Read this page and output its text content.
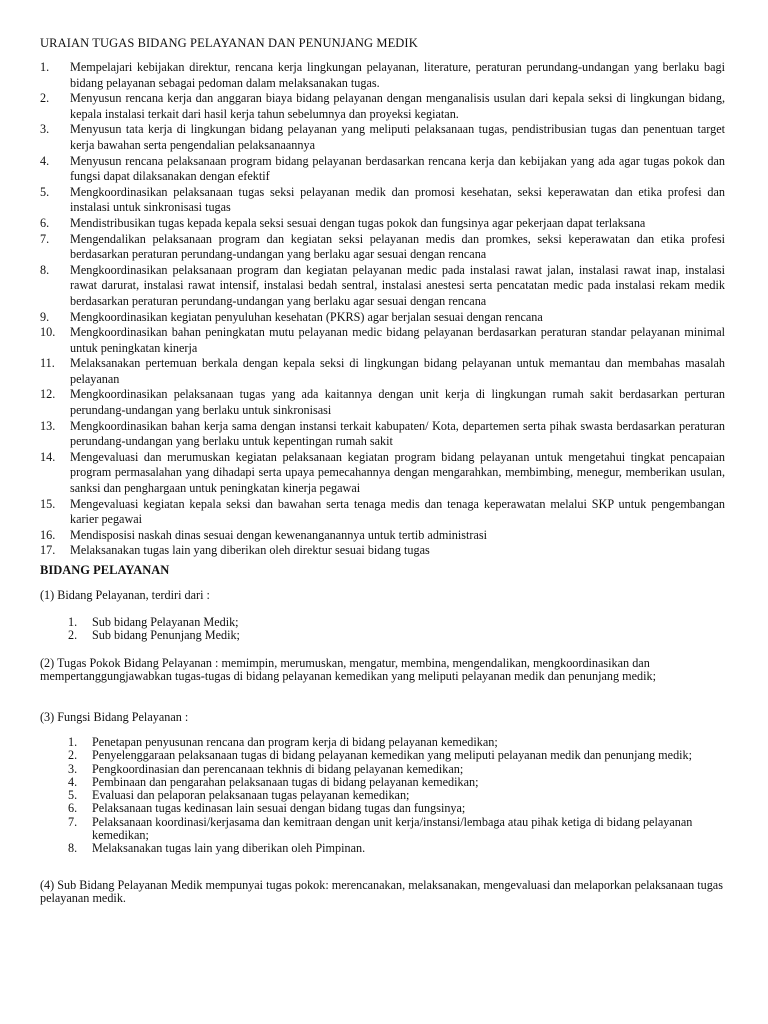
URAIAN TUGAS BIDANG PELAYANAN DAN PENUNJANG MEDIK
1.	Mempelajari kebijakan direktur, rencana kerja lingkungan pelayanan, literature, peraturan perundang-undangan yang berlaku bagi bidang pelayanan sebagai pedoman dalam melaksanakan tugas.
2.	Menyusun rencana kerja dan anggaran biaya bidang pelayanan dengan menganalisis usulan dari kepala seksi di lingkungan bidang, kepala instalasi terkait dari hasil kerja tahun sebelumnya dan proyeksi kegiatan.
3.	Menyusun tata kerja di lingkungan bidang pelayanan yang meliputi pelaksanaan tugas, pendistribusian tugas dan penentuan target kerja bawahan serta pengendalian pelaksanaannya
4.	Menyusun rencana pelaksanaan program bidang pelayanan berdasarkan rencana kerja dan kebijakan yang ada agar tugas pokok dan fungsi dapat dilaksanakan dengan efektif
5.	Mengkoordinasikan pelaksanaan tugas seksi pelayanan medik dan promosi kesehatan, seksi keperawatan dan etika profesi dan instalasi untuk sinkronisasi tugas
6.	Mendistribusikan tugas kepada kepala seksi sesuai dengan tugas pokok dan fungsinya agar pekerjaan dapat terlaksana
7.	Mengendalikan pelaksanaan program dan kegiatan seksi pelayanan medis dan promkes, seksi keperawatan dan etika profesi berdasarkan peraturan perundang-undangan yang berlaku agar sesuai dengan rencana
8.	Mengkoordinasikan pelaksanaan program dan kegiatan pelayanan medic pada instalasi rawat jalan, instalasi rawat inap, instalasi rawat darurat, instalasi rawat intensif, instalasi bedah sentral, instalasi anestesi serta pencatatan medic pada instalasi rekam medik berdasarkan peraturan perundang-undangan yang berlaku agar sesuai dengan rencana
9.	Mengkoordinasikan kegiatan penyuluhan kesehatan (PKRS) agar berjalan sesuai dengan rencana
10.	Mengkoordinasikan bahan peningkatan mutu pelayanan medic bidang pelayanan berdasarkan peraturan standar pelayanan minimal untuk peningkatan kinerja
11.	Melaksanakan pertemuan berkala dengan kepala seksi di lingkungan bidang pelayanan untuk memantau dan membahas masalah pelayanan
12.	Mengkoordinasikan pelaksanaan tugas yang ada kaitannya dengan unit kerja di lingkungan rumah sakit berdasarkan perturan perundang-undangan yang berlaku untuk sinkronisasi
13.	Mengkoordinasikan bahan kerja sama dengan instansi terkait kabupaten/ Kota, departemen serta pihak swasta berdasarkan peraturan perundang-undangan yang berlaku untuk kepentingan rumah sakit
14.	Mengevaluasi dan merumuskan kegiatan pelaksanaan kegiatan program bidang pelayanan untuk mengetahui tingkat pencapaian program permasalahan yang dihadapi serta upaya pemecahannya dengan mengarahkan, membimbing, menegur, memberikan usulan, sanksi dan penghargaan untuk peningkatan kinerja pegawai
15.	Mengevaluasi kegiatan kepala seksi dan bawahan serta tenaga medis dan tenaga keperawatan melalui SKP untuk pengembangan karier pegawai
16.	Mendisposisi naskah dinas sesuai dengan kewenanganannya untuk tertib administrasi
17.	Melaksanakan tugas lain yang diberikan oleh direktur sesuai bidang tugas
BIDANG PELAYANAN
(1) Bidang Pelayanan, terdiri dari :
1. Sub bidang Pelayanan Medik;
2. Sub bidang Penunjang Medik;
(2) Tugas Pokok Bidang Pelayanan : memimpin, merumuskan, mengatur, membina, mengendalikan, mengkoordinasikan dan mempertanggungjawabkan tugas-tugas di bidang pelayanan kemedikan yang meliputi pelayanan medik dan penunjang medik;
(3) Fungsi Bidang Pelayanan :
1. Penetapan penyusunan rencana dan program kerja di bidang pelayanan kemedikan;
2. Penyelenggaraan pelaksanaan tugas di bidang pelayanan kemedikan yang meliputi pelayanan medik dan penunjang medik;
3. Pengkoordinasian dan perencanaan tekhnis di bidang pelayanan kemedikan;
4. Pembinaan dan pengarahan pelaksanaan tugas di bidang pelayanan kemedikan;
5. Evaluasi dan pelaporan pelaksanaan tugas pelayanan kemedikan;
6. Pelaksanaan tugas kedinasan lain sesuai dengan bidang tugas dan fungsinya;
7. Pelaksanaan koordinasi/kerjasama dan kemitraan dengan unit kerja/instansi/lembaga atau pihak ketiga di bidang pelayanan kemedikan;
8. Melaksanakan tugas lain yang diberikan oleh Pimpinan.
(4) Sub Bidang Pelayanan Medik mempunyai tugas pokok: merencanakan, melaksanakan, mengevaluasi dan melaporkan pelaksanaan tugas pelayanan medik.
